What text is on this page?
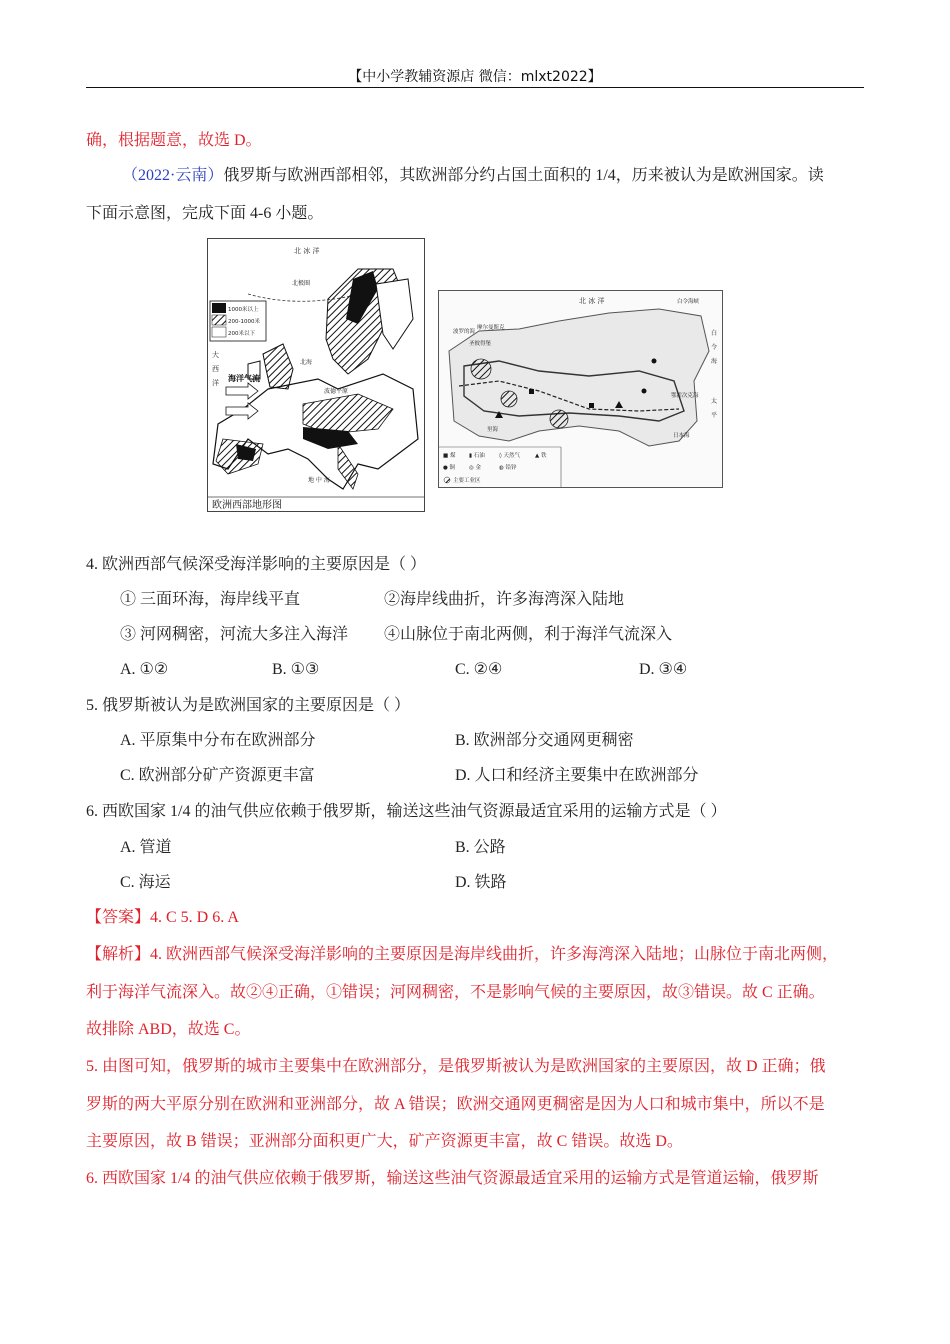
【中小学教辅资源店 微信：mlxt2022】
确，根据题意，故选 D。
（2022·云南）俄罗斯与欧洲西部相邻，其欧洲部分约占国土面积的 1/4，历来被认为是欧洲国家。读
下面示意图，完成下面 4-6 小题。
北 冰 洋
北极圈
1000米以上
200-1000米
200米以下
大
西
洋 海洋气流
北海
波德平原
地 中 海
欧洲西部地形图
北 冰 洋	白令海峡
波罗的海
摩尔曼斯克
圣彼得堡
里海
鄂霍次克海
日本海
白
令
海
太
平
■ 煤 ▮ 石油	◊ 天然气	▲ 铁
● 铜	◎ 金	◍ 铅锌
主要工业区
4. 欧洲西部气候深受海洋影响的主要原因是（ ）
① 三面环海，海岸线平直	②海岸线曲折，许多海湾深入陆地
③ 河网稠密，河流大多注入海洋 ④山脉位于南北两侧，利于海洋气流深入
A. ①②	B. ①③	C. ②④	D. ③④
5. 俄罗斯被认为是欧洲国家的主要原因是（ ）
A. 平原集中分布在欧洲部分	B. 欧洲部分交通网更稠密
C. 欧洲部分矿产资源更丰富	D. 人口和经济主要集中在欧洲部分
6. 西欧国家 1/4 的油气供应依赖于俄罗斯，输送这些油气资源最适宜采用的运输方式是（ ）
A. 管道	B. 公路
C. 海运	D. 铁路
【答案】4. C 5. D 6. A
【解析】4. 欧洲西部气候深受海洋影响的主要原因是海岸线曲折，许多海湾深入陆地；山脉位于南北两侧，
利于海洋气流深入。故②④正确，①错误；河网稠密，不是影响气候的主要原因，故③错误。故 C 正确。
故排除 ABD，故选 C。
5. 由图可知，俄罗斯的城市主要集中在欧洲部分，是俄罗斯被认为是欧洲国家的主要原因，故 D 正确；俄
罗斯的两大平原分别在欧洲和亚洲部分，故 A 错误；欧洲交通网更稠密是因为人口和城市集中，所以不是
主要原因，故 B 错误；亚洲部分面积更广大，矿产资源更丰富，故 C 错误。故选 D。
6. 西欧国家 1/4 的油气供应依赖于俄罗斯，输送这些油气资源最适宜采用的运输方式是管道运输，俄罗斯
